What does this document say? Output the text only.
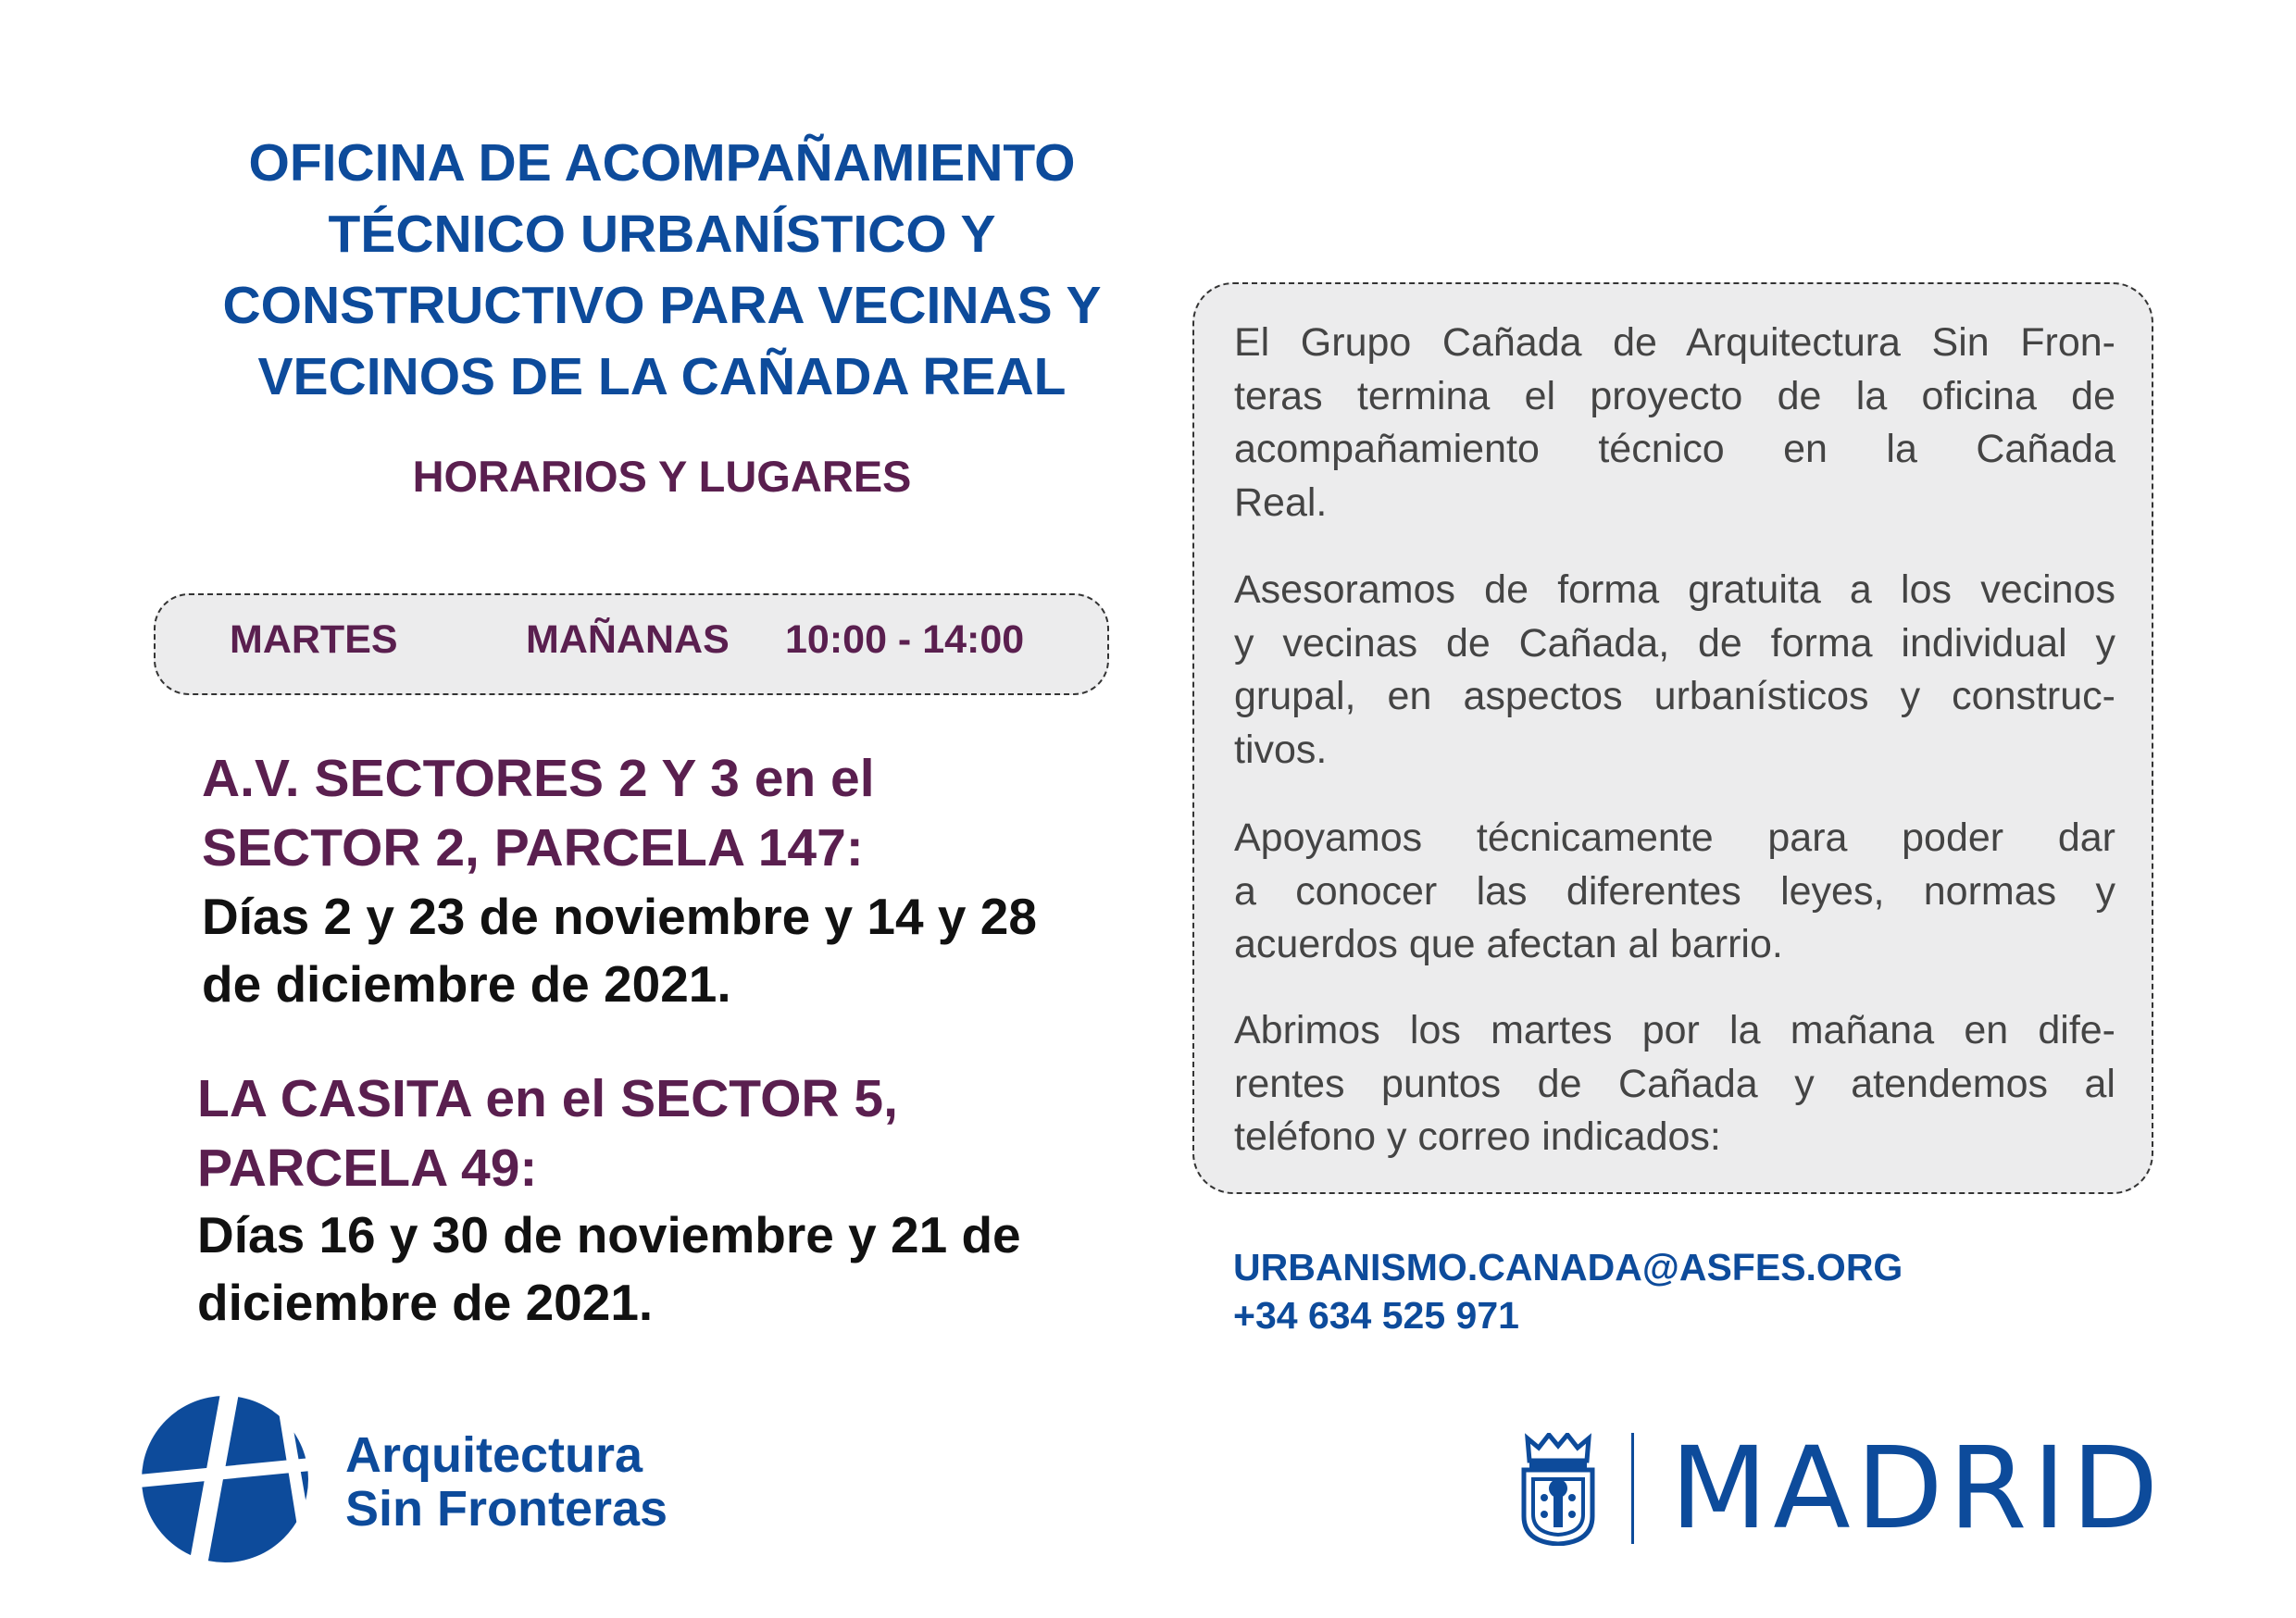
OFICINA DE ACOMPAÑAMIENTO
TÉCNICO URBANÍSTICO Y
CONSTRUCTIVO PARA VECINAS Y
VECINOS DE LA CAÑADA REAL
HORARIOS Y LUGARES
MARTES	MAÑANAS 10:00 - 14:00
A.V. SECTORES 2 Y 3 en el
SECTOR 2, PARCELA 147:
Días 2 y 23 de noviembre y 14 y 28
de diciembre de 2021.
LA CASITA en el SECTOR 5,
PARCELA 49:
Días 16 y 30 de noviembre y 21 de
diciembre de 2021.
El Grupo Cañada de Arquitectura Sin Fron-
teras termina el proyecto de la oficina de
acompañamiento técnico en la Cañada
Real.
Asesoramos de forma gratuita a los vecinos
y vecinas de Cañada, de forma individual y
grupal, en aspectos urbanísticos y construc-
tivos.
Apoyamos técnicamente para poder dar
a conocer las diferentes leyes, normas y
acuerdos que afectan al barrio.
Abrimos los martes por la mañana en dife-
rentes puntos de Cañada y atendemos al
teléfono y correo indicados:
URBANISMO.CANADA@ASFES.ORG
+34 634 525 971
Arquitectura
Sin Fronteras	MADRID
